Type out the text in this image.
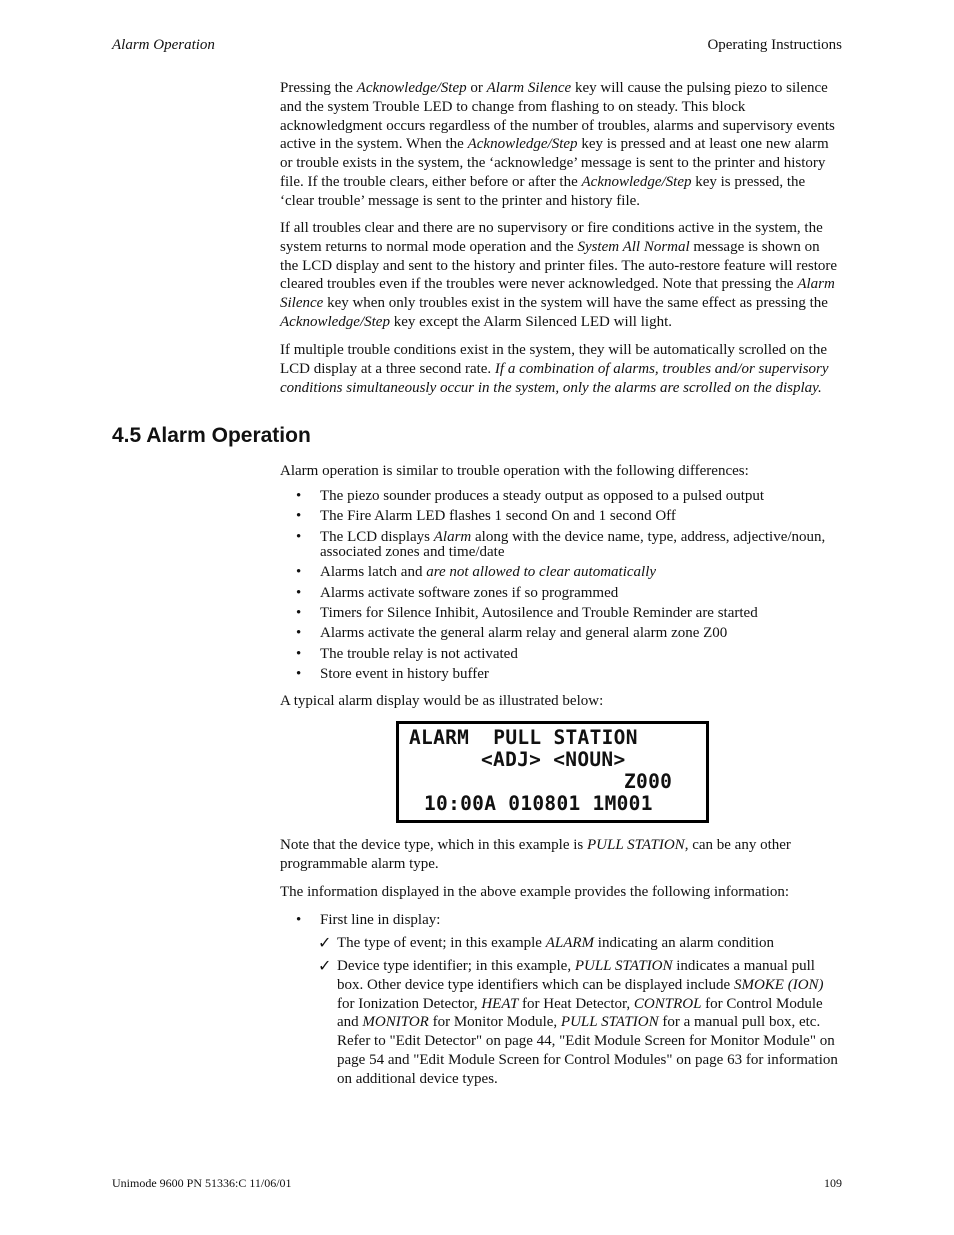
Alarm Operation	Operating Instructions

Pressing the Acknowledge/Step or Alarm Silence key will cause the pulsing piezo to silence and the system Trouble LED to change from flashing to on steady. This block acknowledgment occurs regardless of the number of troubles, alarms and supervisory events active in the system. When the Acknowledge/Step key is pressed and at least one new alarm or trouble exists in the system, the ‘acknowledge’ message is sent to the printer and history file. If the trouble clears, either before or after the Acknowledge/Step key is pressed, the ‘clear trouble’ message is sent to the printer and history file.

If all troubles clear and there are no supervisory or fire conditions active in the system, the system returns to normal mode operation and the System All Normal message is shown on the LCD display and sent to the history and printer files. The auto-restore feature will restore cleared troubles even if the troubles were never acknowledged. Note that pressing the Alarm Silence key when only troubles exist in the system will have the same effect as pressing the Acknowledge/Step key except the Alarm Silenced LED will light.

If multiple trouble conditions exist in the system, they will be automatically scrolled on the LCD display at a three second rate. If a combination of alarms, troubles and/or supervisory conditions simultaneously occur in the system, only the alarms are scrolled on the display.

4.5 Alarm Operation

Alarm operation is similar to trouble operation with the following differences:

• The piezo sounder produces a steady output as opposed to a pulsed output
• The Fire Alarm LED flashes 1 second On and 1 second Off
• The LCD displays Alarm along with the device name, type, address, adjective/noun, associated zones and time/date
• Alarms latch and are not allowed to clear automatically
• Alarms activate software zones if so programmed
• Timers for Silence Inhibit, Autosilence and Trouble Reminder are started
• Alarms activate the general alarm relay and general alarm zone Z00
• The trouble relay is not activated
• Store event in history buffer

A typical alarm display would be as illustrated below:

ALARM  PULL STATION
<ADJ> <NOUN>
Z000
10:00A 010801 1M001

Note that the device type, which in this example is PULL STATION, can be any other programmable alarm type.

The information displayed in the above example provides the following information:

• First line in display:
✓ The type of event; in this example ALARM indicating an alarm condition
✓ Device type identifier; in this example, PULL STATION indicates a manual pull box. Other device type identifiers which can be displayed include SMOKE (ION) for Ionization Detector, HEAT for Heat Detector, CONTROL for Control Module and MONITOR for Monitor Module, PULL STATION for a manual pull box, etc. Refer to "Edit Detector" on page 44, "Edit Module Screen for Monitor Module" on page 54 and "Edit Module Screen for Control Modules" on page 63 for information on additional device types.
Unimode 9600 PN 51336:C 11/06/01	109
